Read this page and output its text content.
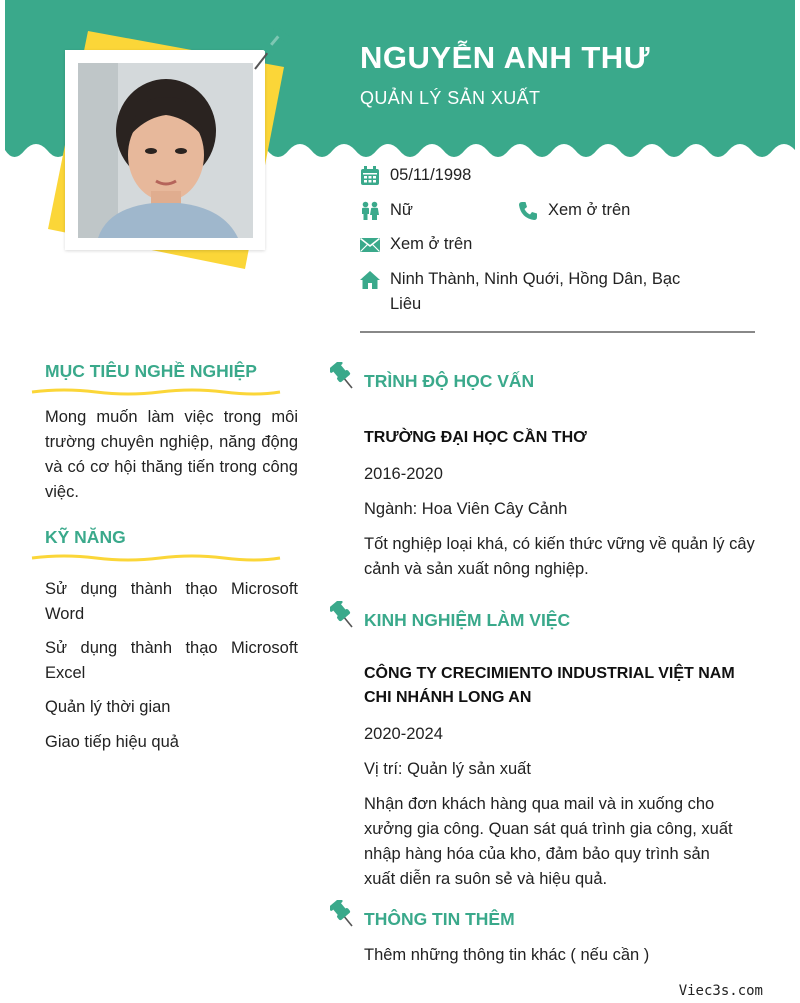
NGUYỄN ANH THƯ
QUẢN LÝ SẢN XUẤT
05/11/1998
Nữ	Xem ở trên
Xem ở trên
Ninh Thành, Ninh Quới, Hồng Dân, Bạc
Liêu
MỤC TIÊU NGHỀ NGHIỆP
Mong muốn làm việc trong môi trường chuyên nghiệp, năng động và có cơ hội thăng tiến trong công việc.
KỸ NĂNG
Sử dụng thành thạo Microsoft Word
Sử dụng thành thạo Microsoft Excel
Quản lý thời gian
Giao tiếp hiệu quả
TRÌNH ĐỘ HỌC VẤN
TRƯỜNG ĐẠI HỌC CẦN THƠ
2016-2020
Ngành: Hoa Viên Cây Cảnh
Tốt nghiệp loại khá, có kiến thức vững về quản lý cây cảnh và sản xuất nông nghiệp.
KINH NGHIỆM LÀM VIỆC
CÔNG TY CRECIMIENTO INDUSTRIAL VIỆT NAM CHI NHÁNH LONG AN
2020-2024
Vị trí: Quản lý sản xuất
Nhận đơn khách hàng qua mail và in xuống cho xưởng gia công. Quan sát quá trình gia công, xuất nhập hàng hóa của kho, đảm bảo quy trình sản xuất diễn ra suôn sẻ và hiệu quả.
THÔNG TIN THÊM
Thêm những thông tin khác ( nếu cần )
Viec3s.com
